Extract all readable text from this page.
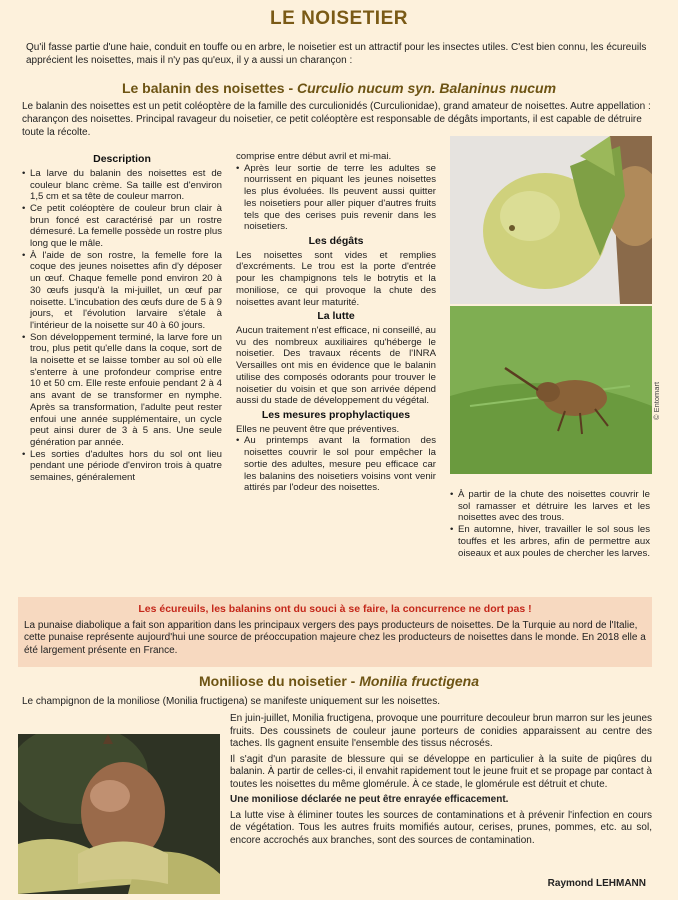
LE NOISETIER
Qu'il fasse partie d'une haie, conduit en touffe ou en arbre, le noisetier est un attractif pour les insectes utiles. C'est bien connu, les écureuils apprécient les noisettes, mais il n'y pas qu'eux, il y a aussi un charançon :
Le balanin des noisettes - Curculio nucum syn. Balaninus nucum
Le balanin des noisettes est un petit coléoptère de la famille des curculionidés (Curculionidae), grand amateur de noisettes. Autre appellation : charançon des noisettes. Principal ravageur du noisetier, ce petit coléoptère est responsable de dégâts importants, il est capable de détruire toute la récolte.
Description
• La larve du balanin des noisettes est de couleur blanc crème. Sa taille est d'environ 1,5 cm et sa tête de couleur marron.
• Ce petit coléoptère de couleur brun clair à brun foncé est caractérisé par un rostre démesuré. La femelle possède un rostre plus long que le mâle.
• À l'aide de son rostre, la femelle fore la coque des jeunes noisettes afin d'y déposer un œuf. Chaque femelle pond environ 20 à 30 œufs jusqu'à la mi-juillet, un œuf par noisette. L'incubation des œufs dure de 5 à 9 jours, et l'évolution larvaire s'étale à l'intérieur de la noisette sur 40 à 60 jours.
• Son développement terminé, la larve fore un trou, plus petit qu'elle dans la coque, sort de la noisette et se laisse tomber au sol où elle s'enterre à une profondeur comprise entre 10 et 50 cm. Elle reste enfouie pendant 2 à 4 ans avant de se transformer en nymphe. Après sa transformation, l'adulte peut rester enfoui une année supplémentaire, un cycle peut ainsi durer de 3 à 5 ans. Une seule génération par année.
• Les sorties d'adultes hors du sol ont lieu pendant une période d'environ trois à quatre semaines, généralement

comprise entre début avril et mi-mai.

• Après leur sortie de terre les adultes se nourrissent en piquant les jeunes noisettes les plus évoluées. Ils peuvent aussi quitter les noisetiers pour aller piquer d'autres fruits tels que des cerises puis revenir dans les noisetiers.
Les dégâts

Les noisettes sont vides et remplies d'excréments. Le trou est la porte d'entrée pour les champignons tels le botrytis et la moniliose, ce qui provoque la chute des noisettes avant leur maturité.

La lutte

Aucun traitement n'est efficace, ni conseillé, au vu des nombreux auxiliaires qu'héberge le noisetier. Des travaux récents de l'INRA Versailles ont mis en évidence que le balanin utilise des composés odorants pour trouver le noisetier du voisin et que son arrivée dépend aussi du stade de développement du végétal.

Les mesures prophylactiques

Elles ne peuvent être que préventives.

• Au printemps avant la formation des noisettes couvrir le sol pour empêcher la sortie des adultes, mesure peu efficace car les balanins des noisetiers voisins vont venir attirés par l'odeur des noisettes.
© Entomart
• À partir de la chute des noisettes couvrir le sol ramasser et détruire les larves et les noisettes avec des trous.
• En automne, hiver, travailler le sol sous les touffes et les arbres, afin de permettre aux oiseaux et aux poules de chercher les larves.
Les écureuils, les balanins ont du souci à se faire, la concurrence ne dort pas !
La punaise diabolique a fait son apparition dans les principaux vergers des pays producteurs de noisettes. De la Turquie au nord de l'Italie, cette punaise représente aujourd'hui une source de préoccupation majeure chez les producteurs de noisettes dans le monde. En 2018 elle a été largement présente en France.
Moniliose du noisetier - Monilia fructigena
Le champignon de la moniliose (Monilia fructigena) se manifeste uniquement sur les noisettes.

En juin-juillet, Monilia fructigena, provoque une pourriture decouleur brun marron sur les jeunes fruits. Des coussinets de couleur jaune porteurs de conidies apparaissent au centre des taches. Ils gagnent ensuite l'ensemble des tissus nécrosés.

Il s'agit d'un parasite de blessure qui se développe en particulier à la suite de piqûres du balanin. À partir de celles-ci, il envahit rapidement tout le jeune fruit et se propage par contact à toutes les noisettes du même glomérule. À ce stade, le glomérule est détruit et chute.

Une moniliose déclarée ne peut être enrayée efficacement.

La lutte vise à éliminer toutes les sources de contaminations et à prévenir l'infection en cours de végétation. Tous les autres fruits momifiés autour, cerises, prunes, pommes, etc. au sol, encore accrochés aux branches, sont des sources de contamination.

Raymond LEHMANN
